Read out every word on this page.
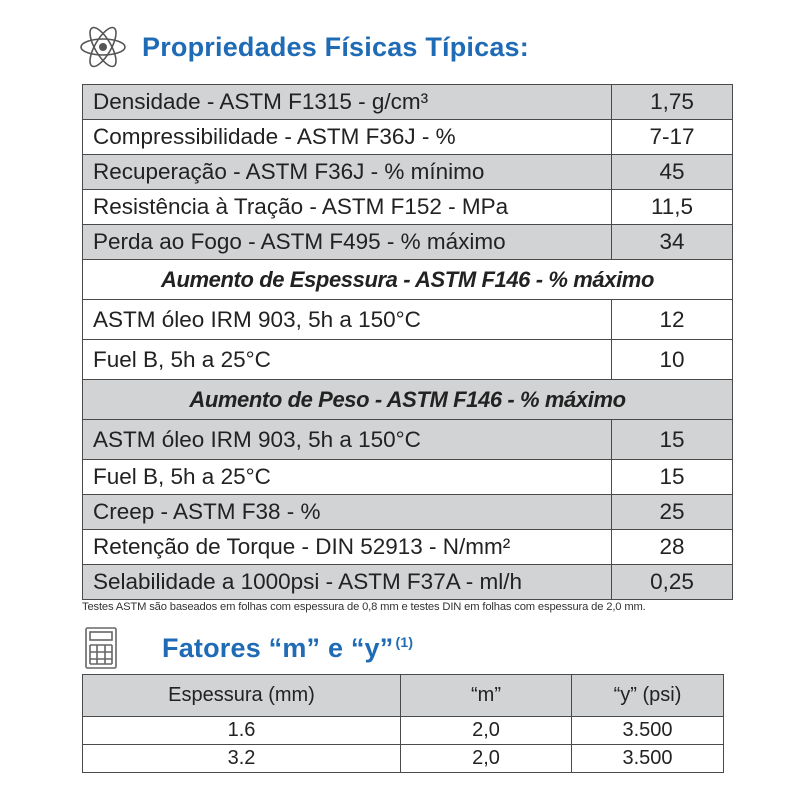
Propriedades Físicas Típicas:
Densidade - ASTM F1315 - g/cm³	1,75
Compressibilidade - ASTM F36J - %	7-17
Recuperação - ASTM F36J - % mínimo	45
Resistência à Tração - ASTM F152 - MPa	11,5
Perda ao Fogo - ASTM F495 - % máximo	34
Aumento de Espessura - ASTM F146 - % máximo	
ASTM óleo IRM 903, 5h a 150°C	12
Fuel B, 5h a 25°C	10
Aumento de Peso - ASTM F146 - % máximo	
ASTM óleo IRM 903, 5h a 150°C	15
Fuel B, 5h a 25°C	15
Creep - ASTM F38 - %	25
Retenção de Torque - DIN 52913 - N/mm²	28
Selabilidade a 1000psi - ASTM F37A - ml/h	0,25
Testes ASTM são baseados em folhas com espessura de 0,8 mm e testes DIN em folhas com espessura de 2,0 mm.
Fatores “m” e “y” $^{(1)}$
Espessura (mm)	“m”	“y” (psi)
1.6	2,0	3.500
3.2	2,0	3.500
